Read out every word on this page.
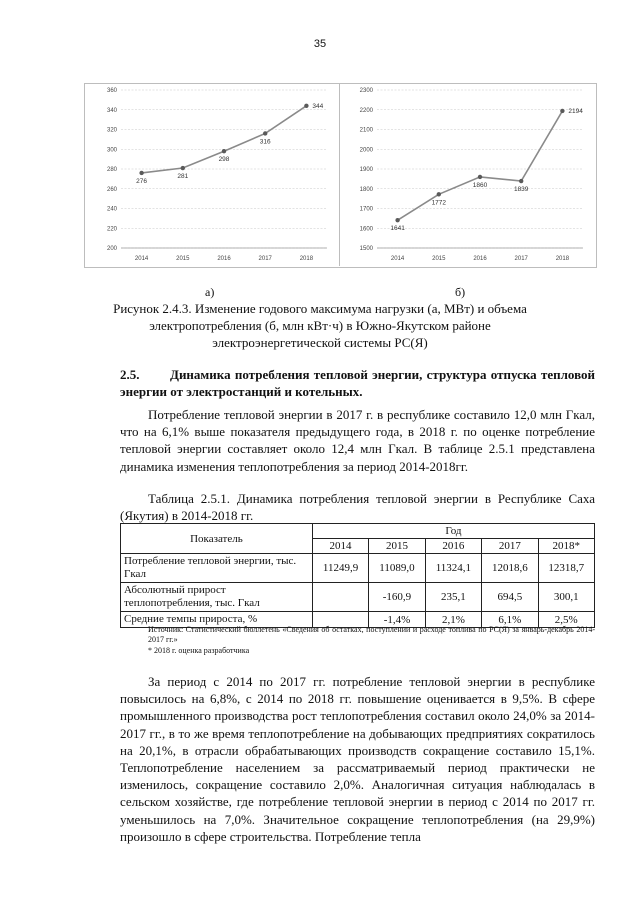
35
200
220
240
260
280
300
320
340
360
2014	2015	2016	2017	2018
276
281
298
316
344
1500
1600
1700
1800
1900
2000
2100
2200
2300
2014	2015	2016	2017	2018
1641
1772
1860
1839
2194
а)	б)
Рисунок 2.4.3. Изменение годового максимума нагрузки (а, МВт) и объема электропотребления (б, млн кВт·ч) в Южно-Якутском районе электроэнергетической системы РС(Я)
2.5. Динамика потребления тепловой энергии, структура отпуска тепловой энергии от электростанций и котельных.
Потребление тепловой энергии в 2017 г. в республике составило 12,0 млн Гкал, что на 6,1% выше показателя предыдущего года, в 2018 г. по оценке потребление тепловой энергии составляет около 12,4 млн Гкал. В таблице 2.5.1 представлена динамика изменения теплопотребления за период 2014-2018гг.
Таблица 2.5.1. Динамика потребления тепловой энергии в Республике Саха (Якутия) в 2014-2018 гг.
Показатель	Год				
	2014	2015	2016	2017	2018*
Потребление тепловой энергии, тыс. Гкал	11249,9	11089,0	11324,1	12018,6	12318,7
Абсолютный прирост теплопотребления, тыс. Гкал		-160,9	235,1	694,5	300,1
Средние темпы прироста, %		-1,4%	2,1%	6,1%	2,5%
Источник: Статистический бюллетень «Сведения об остатках, поступлении и расходе топлива по РС(Я) за январь-декабрь 2014-2017 гг.»
* 2018 г. оценка разработчика
За период с 2014 по 2017 гг. потребление тепловой энергии в республике повысилось на 6,8%, с 2014 по 2018 гг. повышение оценивается в 9,5%. В сфере промышленного производства рост теплопотребления составил около 24,0% за 2014-2017 гг., в то же время теплопотребление на добывающих предприятиях сократилось на 20,1%, в отрасли обрабатывающих производств сокращение составило 15,1%. Теплопотребление населением за рассматриваемый период практически не изменилось, сокращение составило 2,0%. Аналогичная ситуация наблюдалась в сельском хозяйстве, где потребление тепловой энергии в период с 2014 по 2017 гг. уменьшилось на 7,0%. Значительное сокращение теплопотребления (на 29,9%) произошло в сфере строительства. Потребление тепла
